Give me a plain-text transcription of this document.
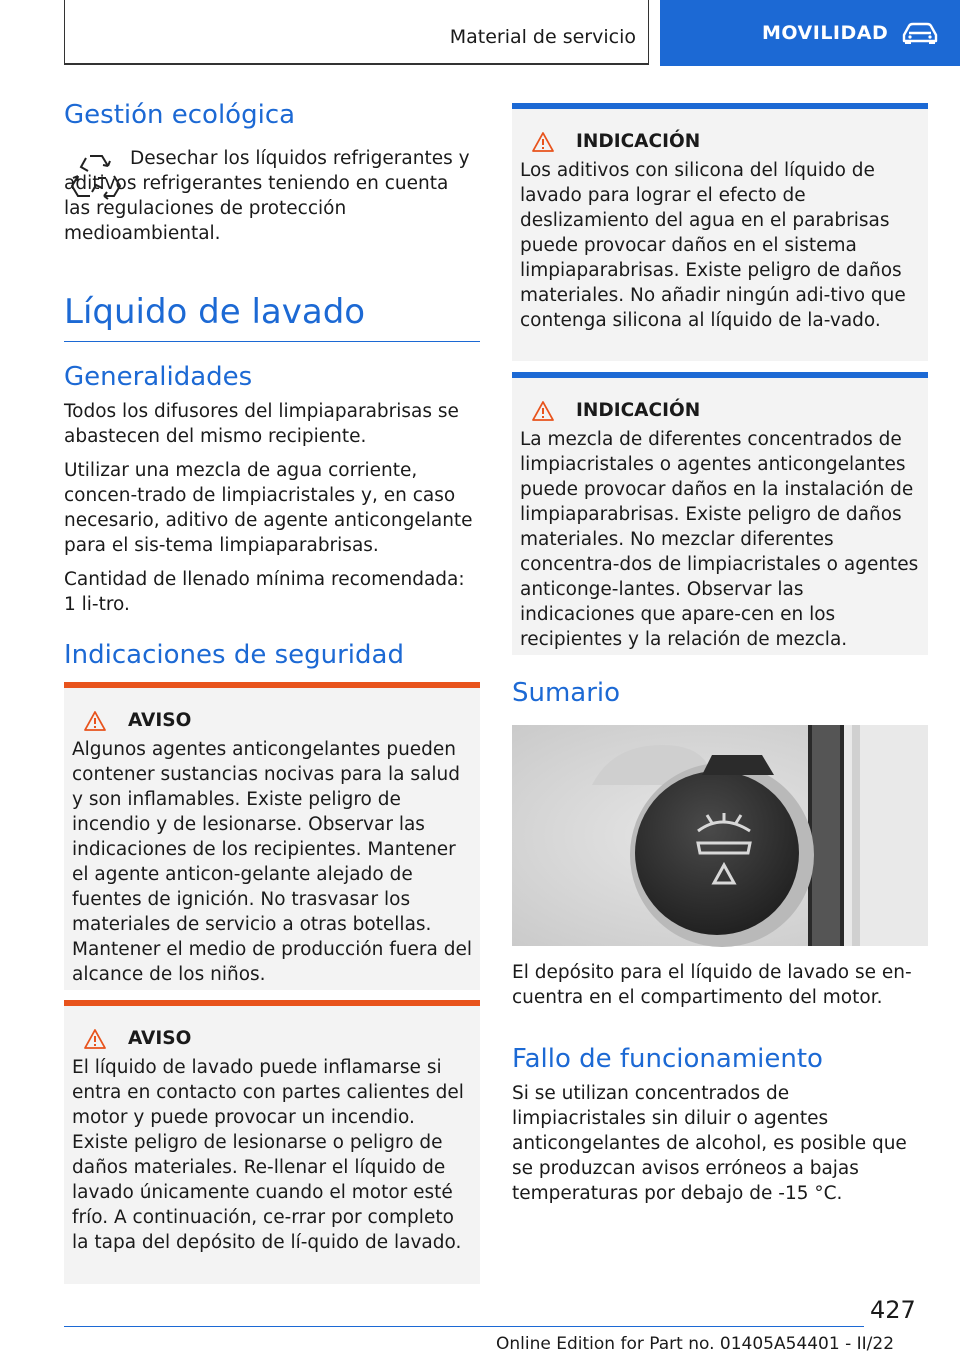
Material de servicio	MOVILIDAD
Gestión ecológica

Desechar los líquidos refrigerantes y aditivos refrigerantes teniendo en cuenta las regulaciones de protección medioambiental.

Líquido de lavado
Generalidades

Todos los difusores del limpiaparabrisas se abastecen del mismo recipiente.

Utilizar una mezcla de agua corriente, concen‐trado de limpiacristales y, en caso necesario, aditivo de agente anticongelante para el sis‐tema limpiaparabrisas.

Cantidad de llenado mínima recomendada: 1 li‐tro.

Indicaciones de seguridad
AVISO

Algunos agentes anticongelantes pueden contener sustancias nocivas para la salud y son inflamables. Existe peligro de incendio y de lesionarse. Observar las indicaciones de los recipientes. Mantener el agente anticon‐gelante alejado de fuentes de ignición. No trasvasar los materiales de servicio a otras botellas. Mantener el medio de producción fuera del alcance de los niños.

AVISO

El líquido de lavado puede inflamarse si entra en contacto con partes calientes del motor y puede provocar un incendio. Existe peligro de lesionarse o peligro de daños materiales. Re‐llenar el líquido de lavado únicamente cuando el motor esté frío. A continuación, ce‐rrar por completo la tapa del depósito de lí‐quido de lavado.

INDICACIÓN

Los aditivos con silicona del líquido de lavado para lograr el efecto de deslizamiento del agua en el parabrisas puede provocar daños en el sistema limpiaparabrisas. Existe peligro de daños materiales. No añadir ningún adi‐tivo que contenga silicona al líquido de la‐vado.

INDICACIÓN

La mezcla de diferentes concentrados de limpiacristales o agentes anticongelantes puede provocar daños en la instalación de limpiaparabrisas. Existe peligro de daños materiales. No mezclar diferentes concentra‐dos de limpiacristales o agentes anticonge‐lantes. Observar las indicaciones que apare‐cen en los recipientes y la relación de mezcla.

Sumario

El depósito para el líquido de lavado se en‐cuentra en el compartimento del motor.

Fallo de funcionamiento

Si se utilizan concentrados de limpiacristales sin diluir o agentes anticongelantes de alcohol, es posible que se produzcan avisos erróneos a bajas temperaturas por debajo de -15 °C.

427
Online Edition for Part no. 01405A54401 - II/22
